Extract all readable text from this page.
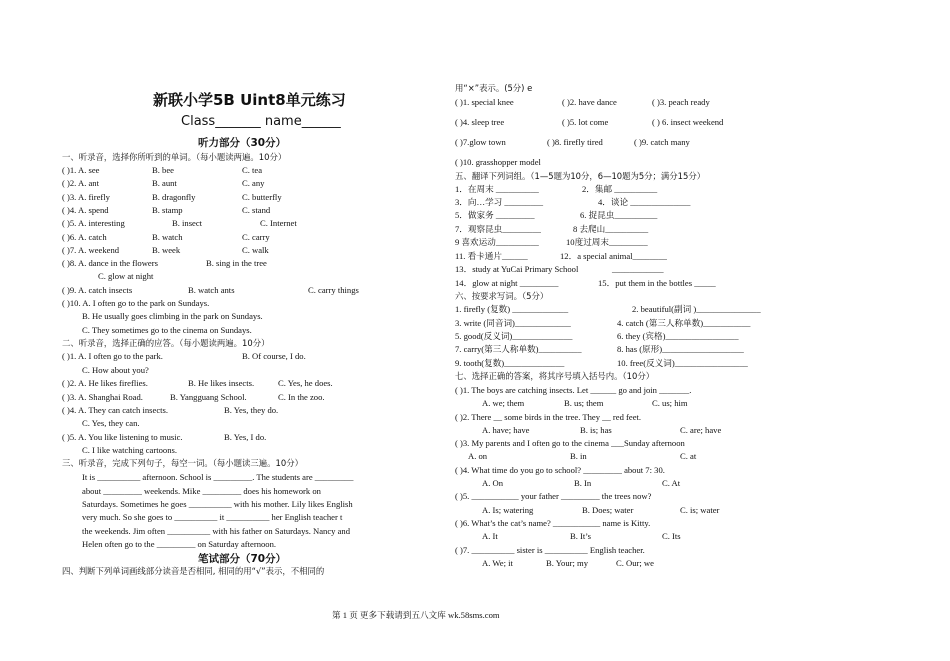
新联小学5B Uint8单元练习
Class_______ name______
听力部分（30分）
一、听录音，选择你所听到的单词。（每小题读两遍。10分）
( )1. A. see	B. bee	C. tea
( )2. A. ant	B. aunt	C. any
( )3. A. firefly	B. dragonfly	C. butterfly
( )4. A. spend	B. stamp	C. stand
( )5. A. interesting	B. insect	C. Internet
( )6. A. catch	B. watch	C. carry
( )7. A. weekend	B. week	C. walk
( )8. A. dance in the flowers	B. sing in the tree
C. glow at night
( )9. A. catch insects	B. watch ants	C. carry things
( )10. A. I often go to the park on Sundays.
B. He usually goes climbing in the park on Sundays.
C. They sometimes go to the cinema on Sundays.
二、听录音，选择正确的应答。（每小题读两遍。10分）
( )1. A. I often go to the park.	B. Of course, I do.
C. How about you?
( )2. A. He likes fireflies.	B. He likes insects.	C. Yes, he does.
( )3. A. Shanghai Road.	B. Yangguang School.	C. In the zoo.
( )4. A. They can catch insects.	B. Yes, they do.
C. Yes, they can.
( )5. A. You like listening to music.	B. Yes, I do.
C. I like watching cartoons.
三、听录音，完成下列句子，每空一词。（每小题读三遍。10分）
It is __________ afternoon. School is _________. The students are _________
about _________ weekends. Mike _________ does his homework on
Saturdays. Sometimes he goes __________ with his mother. Lily likes English
very much. So she goes to __________ it __________ her English teacher t
the weekends. Jim often __________ with his father on Saturdays. Nancy and
Helen often go to the _________ on Saturday afternoon.
笔试部分（70分）
四、判断下列单词画线部分读音是否相同, 相同的用“√”表示，不相同的
用“×”表示。(5分) e
( )1. special knee	( )2. have dance	( )3. peach ready
( )4. sleep tree	( )5. lot come	( ) 6. insect weekend
( )7.glow town	( )8. firefly tired	( )9. catch many
( )10. grasshopper model
五、翻译下列词组。（1—5题为10分，6—10题为5分；满分15分）
1．在周末 __________	2．集邮 __________
3．向…学习 _________	4．谈论 ______________
5．做家务 _________	6. 捉昆虫__________
7．观察昆虫_________	8 去爬山__________
9 喜欢运动__________	10度过周末_________
11. 看卡通片______	12．a special animal________
13．study at YuCai Primary School	____________
14．glow at night _________	15．put them in the bottles _____
六、按要求写词。（5分）
1. firefly (复数) _____________	2. beautiful(副词 )_______________
3. write (同音词)_____________	4. catch (第三人称单数)___________
5. good(反义词)______________	6. they (宾格)_________________
7. carry(第三人称单数)__________	8. has (原形)___________________
9. tooth(复数)______________	10. free(反义词)_________________
七、选择正确的答案，将其序号填入括号内。（10分）
( )1. The boys are catching insects. Let ______ go and join _______.
A. we; them	B. us; them	C. us; him
( )2. There __ some birds in the tree. They __ red feet.
A. have; have	B. is; has	C. are; have
( )3. My parents and I often go to the cinema ___Sunday afternoon
A. on	B. in	C. at
( )4. What time do you go to school? _________ about 7: 30.
A. On	B. In	C. At
( )5. ___________ your father _________ the trees now?
A. Is; watering	B. Does; water	C. is; water
( )6. What’s the cat’s name? ___________ name is Kitty.
A. It	B. It’s	C. Its
( )7. __________ sister is __________ English teacher.
A. We; it	B. Your; my	C. Our; we
第 1 页 更多下载请到五八文库 wk.58sms.com
